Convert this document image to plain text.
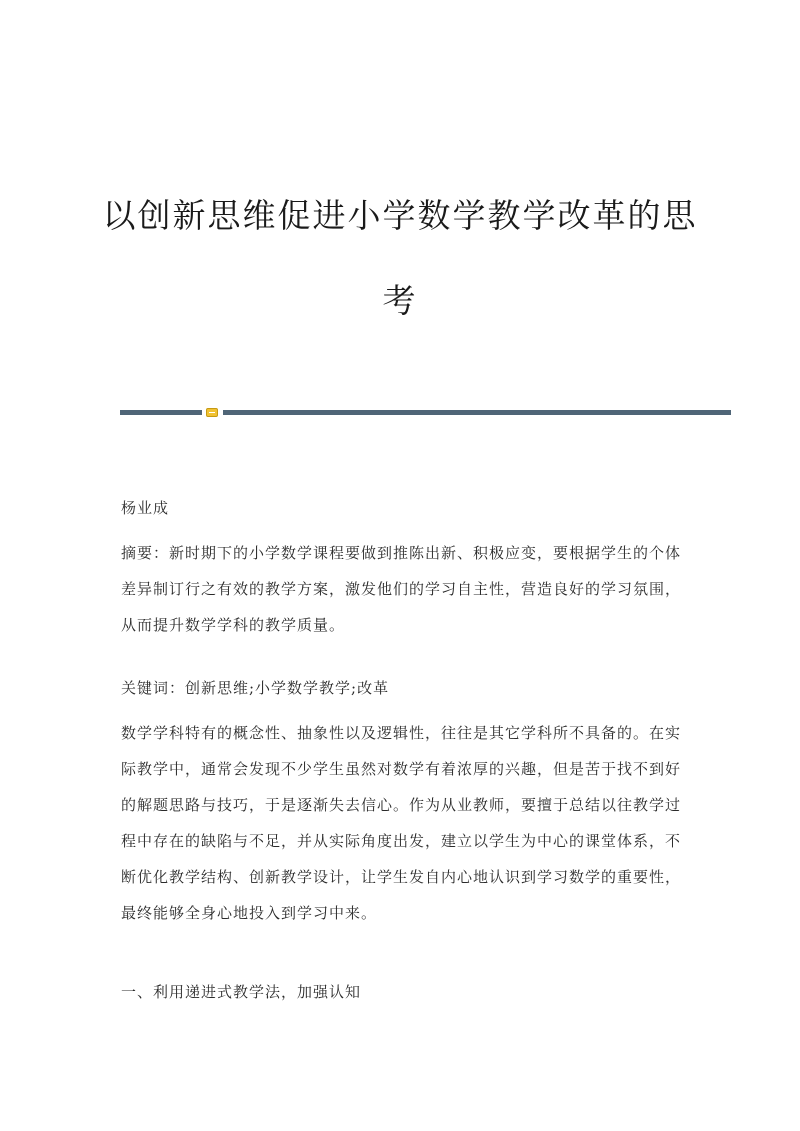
以创新思维促进小学数学教学改革的思
考

杨业成

摘要：新时期下的小学数学课程要做到推陈出新、积极应变，要根据学生的个体差异制订行之有效的教学方案，激发他们的学习自主性，营造良好的学习氛围，从而提升数学学科的教学质量。

关键词：创新思维;小学数学教学;改革

数学学科特有的概念性、抽象性以及逻辑性，往往是其它学科所不具备的。在实际教学中，通常会发现不少学生虽然对数学有着浓厚的兴趣，但是苦于找不到好的解题思路与技巧，于是逐渐失去信心。作为从业教师，要擅于总结以往教学过程中存在的缺陷与不足，并从实际角度出发，建立以学生为中心的课堂体系，不断优化教学结构、创新教学设计，让学生发自内心地认识到学习数学的重要性，最终能够全身心地投入到学习中来。

一、利用递进式教学法，加强认知
